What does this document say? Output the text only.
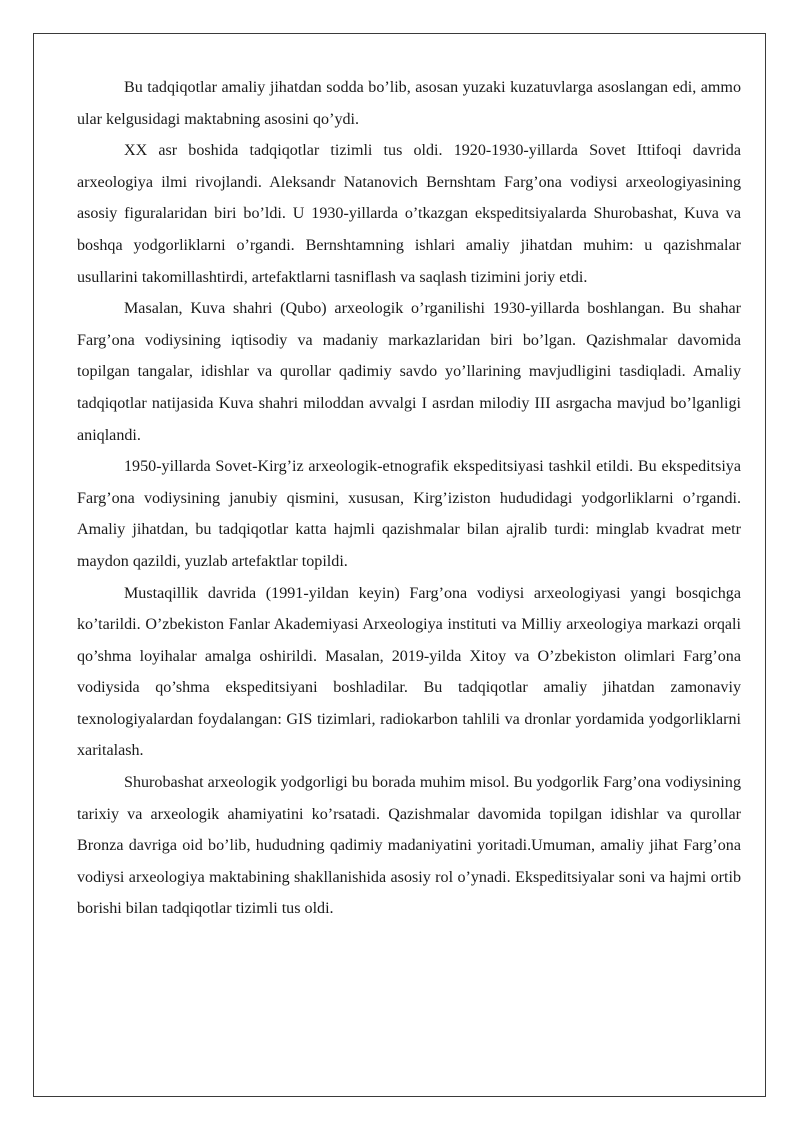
Bu tadqiqotlar amaliy jihatdan sodda bo’lib, asosan yuzaki kuzatuvlarga asoslangan edi, ammo ular kelgusidagi maktabning asosini qo’ydi.

XX asr boshida tadqiqotlar tizimli tus oldi. 1920-1930-yillarda Sovet Ittifoqi davrida arxeologiya ilmi rivojlandi. Aleksandr Natanovich Bernshtam Farg’ona vodiysi arxeologiyasining asosiy figuralaridan biri bo’ldi. U 1930-yillarda o’tkazgan ekspeditsiyalarda Shurobashat, Kuva va boshqa yodgorliklarni o’rgandi. Bernshtamning ishlari amaliy jihatdan muhim: u qazishmalar usullarini takomillashtirdi, artefaktlarni tasniflash va saqlash tizimini joriy etdi.

Masalan, Kuva shahri (Qubo) arxeologik o’rganilishi 1930-yillarda boshlangan. Bu shahar Farg’ona vodiysining iqtisodiy va madaniy markazlaridan biri bo’lgan. Qazishmalar davomida topilgan tangalar, idishlar va qurollar qadimiy savdo yo’llarining mavjudligini tasdiqladi. Amaliy tadqiqotlar natijasida Kuva shahri miloddan avvalgi I asrdan milodiy III asrgacha mavjud bo’lganligi aniqlandi.

1950-yillarda Sovet-Kirg’iz arxeologik-etnografik ekspeditsiyasi tashkil etildi. Bu ekspeditsiya Farg’ona vodiysining janubiy qismini, xususan, Kirg’iziston hududidagi yodgorliklarni o’rgandi. Amaliy jihatdan, bu tadqiqotlar katta hajmli qazishmalar bilan ajralib turdi: minglab kvadrat metr maydon qazildi, yuzlab artefaktlar topildi.

Mustaqillik davrida (1991-yildan keyin) Farg’ona vodiysi arxeologiyasi yangi bosqichga ko’tarildi. O’zbekiston Fanlar Akademiyasi Arxeologiya instituti va Milliy arxeologiya markazi orqali qo’shma loyihalar amalga oshirildi. Masalan, 2019-yilda Xitoy va O’zbekiston olimlari Farg’ona vodiysida qo’shma ekspeditsiyani boshladilar. Bu tadqiqotlar amaliy jihatdan zamonaviy texnologiyalardan foydalangan: GIS tizimlari, radiokarbon tahlili va dronlar yordamida yodgorliklarni xaritalash.

Shurobashat arxeologik yodgorligi bu borada muhim misol. Bu yodgorlik Farg’ona vodiysining tarixiy va arxeologik ahamiyatini ko’rsatadi. Qazishmalar davomida topilgan idishlar va qurollar Bronza davriga oid bo’lib, hududning qadimiy madaniyatini yoritadi.Umuman, amaliy jihat Farg’ona vodiysi arxeologiya maktabining shakllanishida asosiy rol o’ynadi. Ekspeditsiyalar soni va hajmi ortib borishi bilan tadqiqotlar tizimli tus oldi.
